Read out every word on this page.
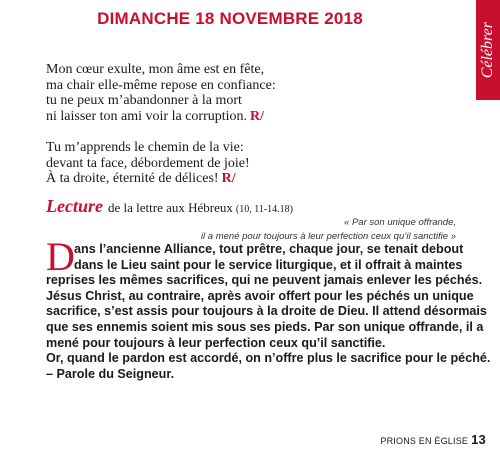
DIMANCHE 18 NOVEMBRE 2018
Célébrer
Mon cœur exulte, mon âme est en fête,
ma chair elle-même repose en confiance:
tu ne peux m’abandonner à la mort
ni laisser ton ami voir la corruption. R/
Tu m’apprends le chemin de la vie:
devant ta face, débordement de joie!
À ta droite, éternité de délices! R/
Lecture de la lettre aux Hébreux (10, 11-14.18)
« Par son unique offrande,
il a mené pour toujours à leur perfection ceux qu’il sanctifie »
D ans l’ancienne Alliance, tout prêtre, chaque jour, se tenait debout
dans le Lieu saint pour le service liturgique, et il offrait à maintes
reprises les mêmes sacrifices, qui ne peuvent jamais enlever les péchés.
Jésus Christ, au contraire, après avoir offert pour les péchés un unique
sacrifice, s’est assis pour toujours à la droite de Dieu. Il attend désormais
que ses ennemis soient mis sous ses pieds. Par son unique offrande, il a
mené pour toujours à leur perfection ceux qu’il sanctifie.
Or, quand le pardon est accordé, on n’offre plus le sacrifice pour le péché.
– Parole du Seigneur.
PRIONS EN ÉGLISE 13
